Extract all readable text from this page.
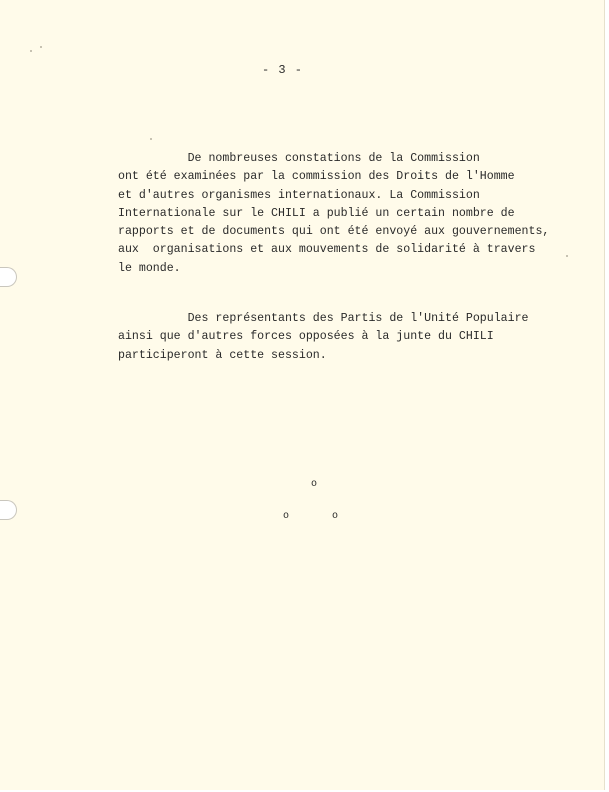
- 3 -

De nombreuses constations de la Commission
ont été examinées par la commission des Droits de l'Homme
et d'autres organismes internationaux. La Commission
Internationale sur le CHILI a publié un certain nombre de
rapports et de documents qui ont été envoyé aux gouvernements,
aux  organisations et aux mouvements de solidarité à travers
le monde.
Des représentants des Partis de l'Unité Populaire
ainsi que d'autres forces opposées à la junte du CHILI
participeront à cette session.
o
o	o
